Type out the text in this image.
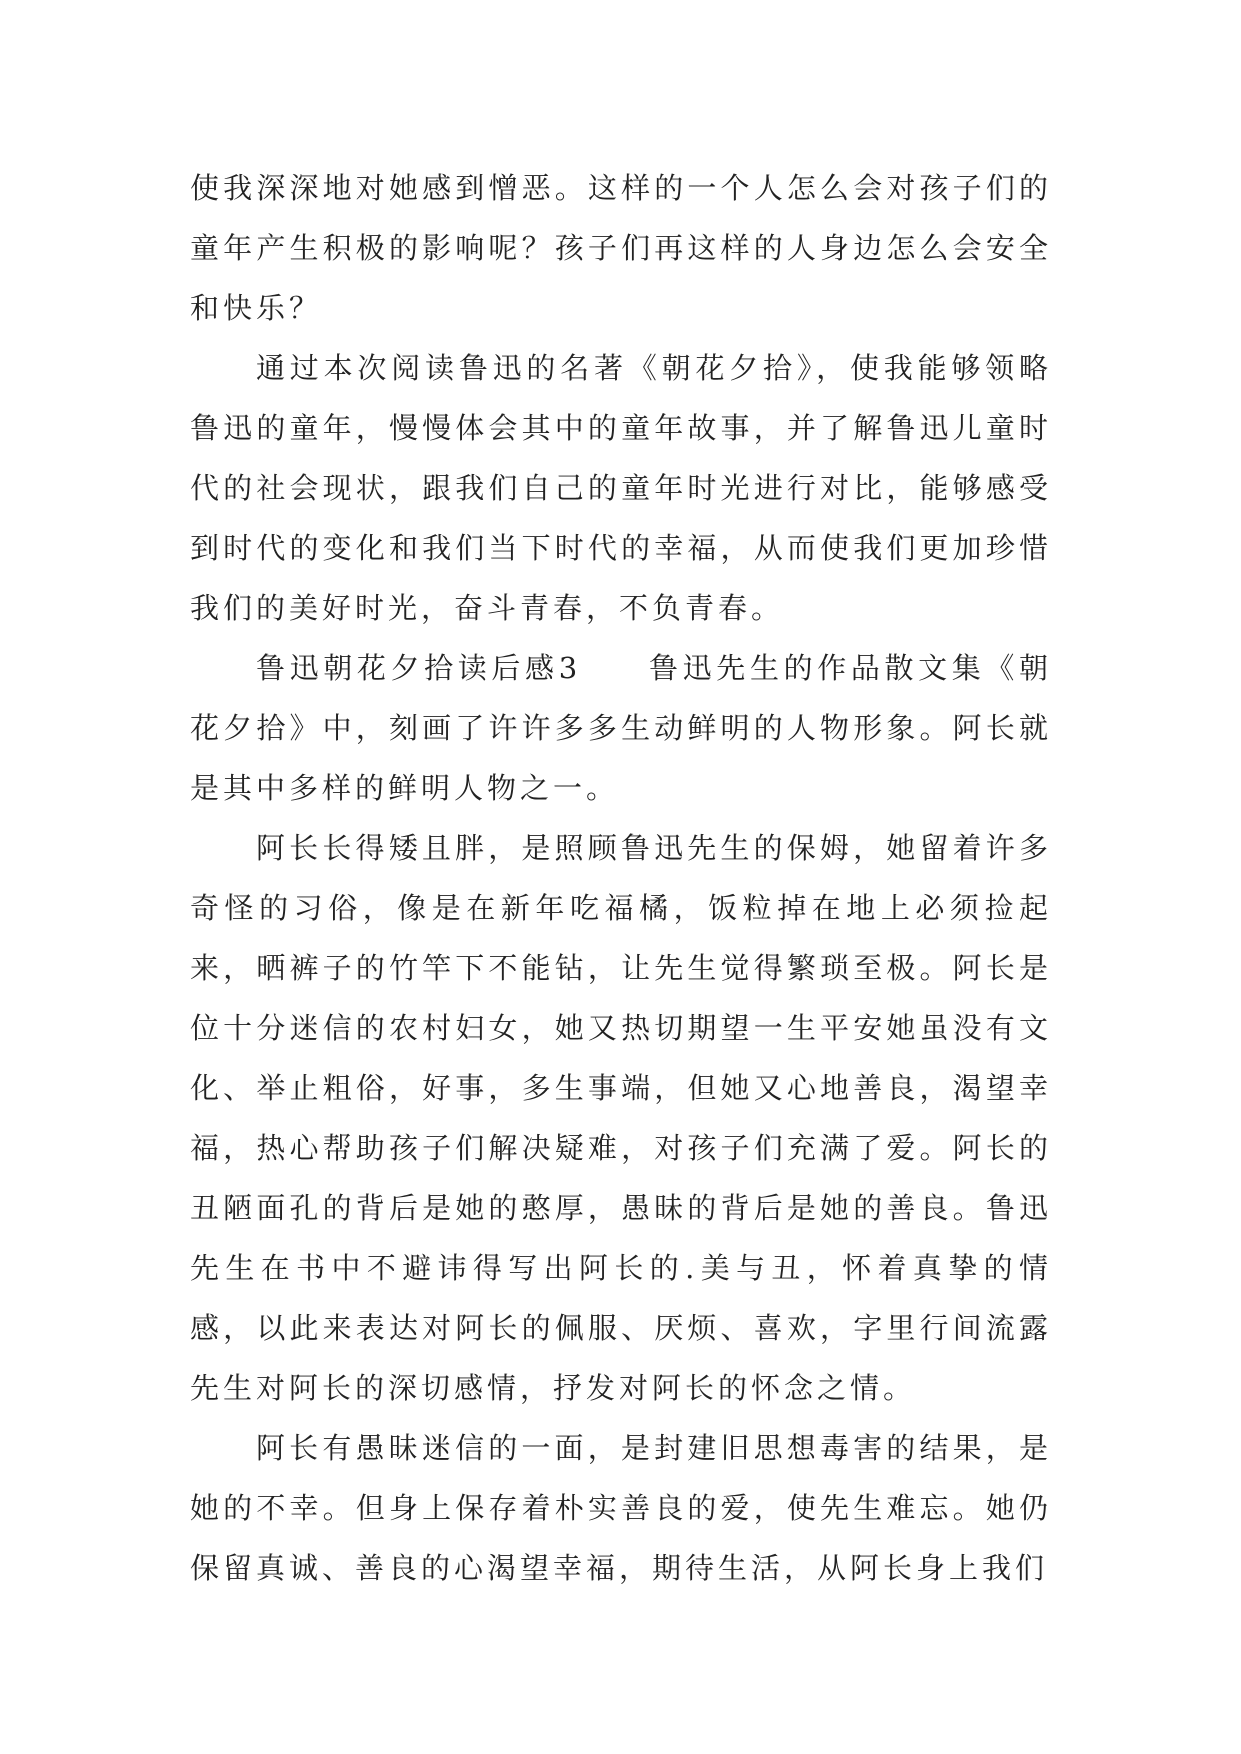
使我深深地对她感到憎恶。这样的一个人怎么会对孩子们的童年产生积极的影响呢？孩子们再这样的人身边怎么会安全和快乐？

通过本次阅读鲁迅的名著《朝花夕拾》，使我能够领略鲁迅的童年，慢慢体会其中的童年故事，并了解鲁迅儿童时代的社会现状，跟我们自己的童年时光进行对比，能够感受到时代的变化和我们当下时代的幸福，从而使我们更加珍惜我们的美好时光，奋斗青春，不负青春。

鲁迅朝花夕拾读后感3　　鲁迅先生的作品散文集《朝花夕拾》中，刻画了许许多多生动鲜明的人物形象。阿长就是其中多样的鲜明人物之一。

阿长长得矮且胖，是照顾鲁迅先生的保姆，她留着许多奇怪的习俗，像是在新年吃福橘，饭粒掉在地上必须捡起来，晒裤子的竹竿下不能钻，让先生觉得繁琐至极。阿长是位十分迷信的农村妇女，她又热切期望一生平安她虽没有文化、举止粗俗，好事，多生事端，但她又心地善良，渴望幸福，热心帮助孩子们解决疑难，对孩子们充满了爱。阿长的丑陋面孔的背后是她的憨厚，愚昧的背后是她的善良。鲁迅先生在书中不避讳得写出阿长的.美与丑，怀着真挚的情感，以此来表达对阿长的佩服、厌烦、喜欢，字里行间流露先生对阿长的深切感情，抒发对阿长的怀念之情。

阿长有愚昧迷信的一面，是封建旧思想毒害的结果，是她的不幸。但身上保存着朴实善良的爱，使先生难忘。她仍保留真诚、善良的心渴望幸福，期待生活，从阿长身上我们
